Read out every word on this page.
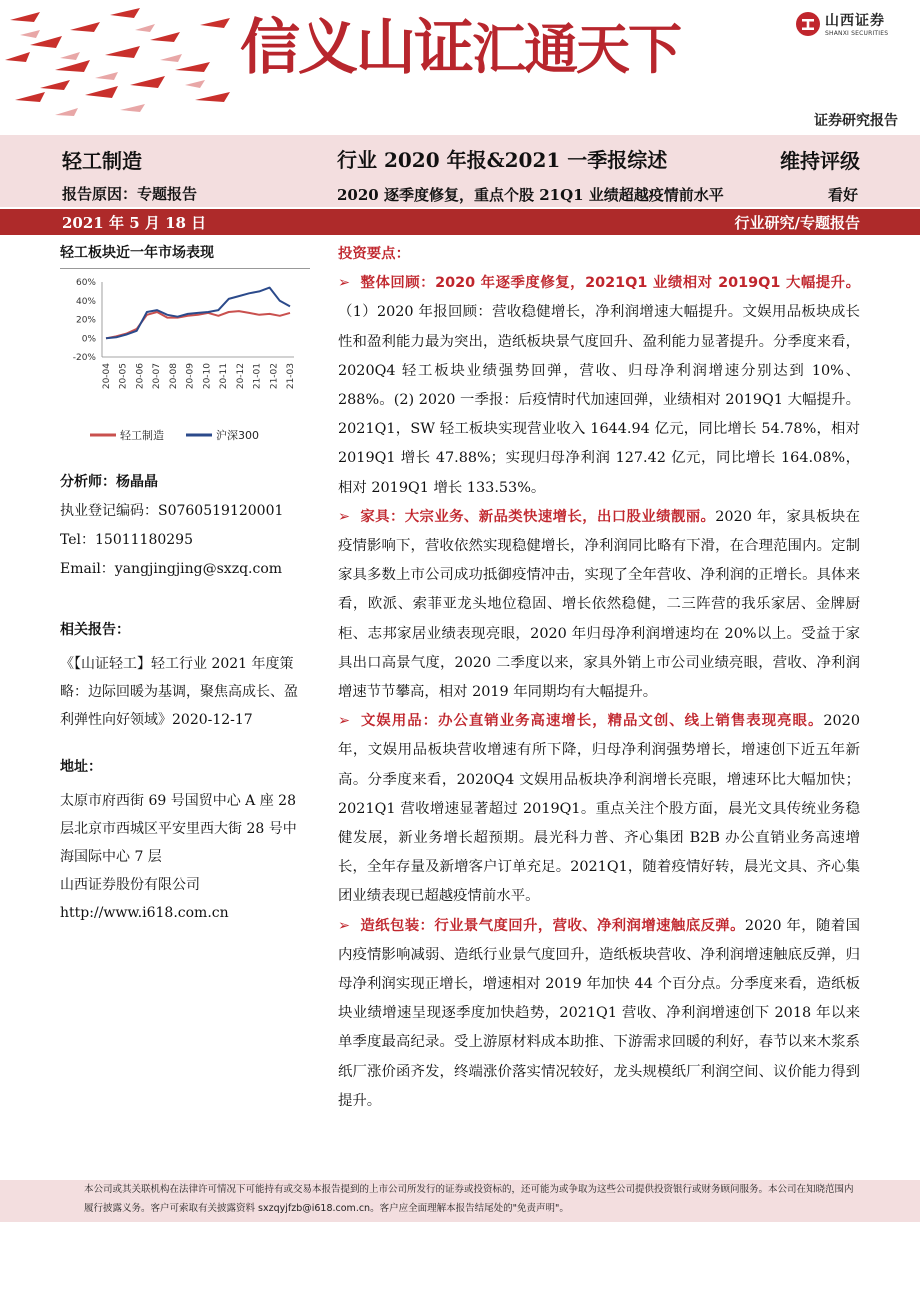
信义山证汇通天下	山西证券
SHANXI SECURITIES
证券研究报告
轻工制造	行业 2020 年报&2021 一季报综述	维持评级
报告原因：专题报告	2020 逐季度修复，重点个股 21Q1 业绩超越疫情前水平	看好
2021 年 5 月 18 日	行业研究/专题报告
轻工板块近一年市场表现
60%
40%
20%
0%
-20%
20-04 20-05 20-06 20-07 20-08 20-09 20-10 20-11 20-12 21-01 21-02 21-03
轻工制造	沪深300
分析师：杨晶晶
执业登记编码：S0760519120001
Tel：15011180295
Email：yangjingjing@sxzq.com
相关报告：
《【山证轻工】轻工行业 2021 年度策略：边际回暖为基调，聚焦高成长、盈利弹性向好领域》2020-12-17
地址：
太原市府西街 69 号国贸中心 A 座 28 层北京市西城区平安里西大街 28 号中海国际中心 7 层
山西证券股份有限公司
http://www.i618.com.cn
投资要点：
➢ 整体回顾：2020 年逐季度修复，2021Q1 业绩相对 2019Q1 大幅提升。（1）2020 年报回顾：营收稳健增长，净利润增速大幅提升。文娱用品板块成长性和盈利能力最为突出，造纸板块景气度回升、盈利能力显著提升。分季度来看，2020Q4 轻工板块业绩强势回弹，营收、归母净利润增速分别达到 10%、288%。(2) 2020 一季报：后疫情时代加速回弹，业绩相对 2019Q1 大幅提升。2021Q1，SW 轻工板块实现营业收入 1644.94 亿元，同比增长 54.78%，相对 2019Q1 增长 47.88%；实现归母净利润 127.42 亿元，同比增长 164.08%，相对 2019Q1 增长 133.53%。
➢ 家具：大宗业务、新品类快速增长，出口股业绩靓丽。2020 年，家具板块在疫情影响下，营收依然实现稳健增长，净利润同比略有下滑，在合理范围内。定制家具多数上市公司成功抵御疫情冲击，实现了全年营收、净利润的正增长。具体来看，欧派、索菲亚龙头地位稳固、增长依然稳健，二三阵营的我乐家居、金牌厨柜、志邦家居业绩表现亮眼，2020 年归母净利润增速均在 20%以上。受益于家具出口高景气度，2020 二季度以来，家具外销上市公司业绩亮眼，营收、净利润增速节节攀高，相对 2019 年同期均有大幅提升。
➢ 文娱用品：办公直销业务高速增长，精品文创、线上销售表现亮眼。2020 年，文娱用品板块营收增速有所下降，归母净利润强势增长，增速创下近五年新高。分季度来看，2020Q4 文娱用品板块净利润增长亮眼，增速环比大幅加快；2021Q1 营收增速显著超过 2019Q1。重点关注个股方面，晨光文具传统业务稳健发展，新业务增长超预期。晨光科力普、齐心集团 B2B 办公直销业务高速增长，全年存量及新增客户订单充足。2021Q1，随着疫情好转，晨光文具、齐心集团业绩表现已超越疫情前水平。
➢ 造纸包装：行业景气度回升，营收、净利润增速触底反弹。2020 年，随着国内疫情影响减弱、造纸行业景气度回升，造纸板块营收、净利润增速触底反弹，归母净利润实现正增长，增速相对 2019 年加快 44 个百分点。分季度来看，造纸板块业绩增速呈现逐季度加快趋势，2021Q1 营收、净利润增速创下 2018 年以来单季度最高纪录。受上游原材料成本助推、下游需求回暖的利好，春节以来木浆系纸厂涨价函齐发，终端涨价落实情况较好，龙头规模纸厂利润空间、议价能力得到提升。
本公司或其关联机构在法律许可情况下可能持有或交易本报告提到的上市公司所发行的证券或投资标的，还可能为或争取为这些公司提供投资银行或财务顾问服务。本公司在知晓范围内履行披露义务。客户可索取有关披露资料 sxzqyjfzb@i618.com.cn。客户应全面理解本报告结尾处的"免责声明"。
